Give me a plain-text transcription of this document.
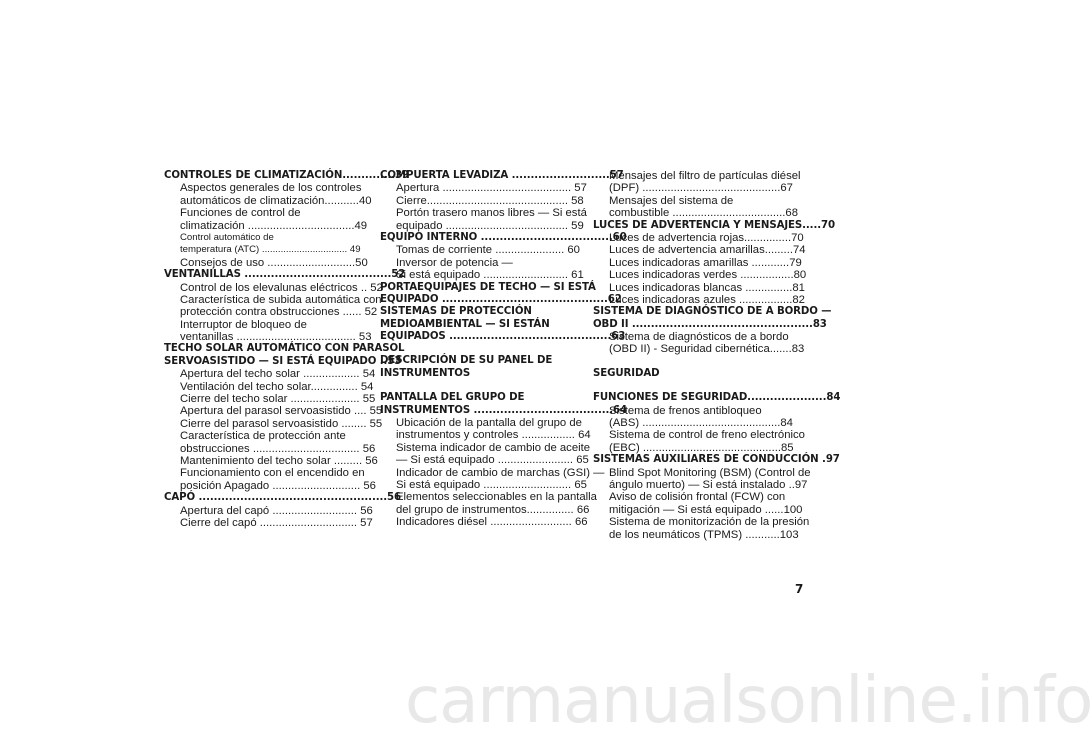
CONTROLES DE CLIMATIZACIÓN..............39
Aspectos generales de los controles
automáticos de climatización...........40
Funciones de control de
climatización ..................................49
Control automático de
temperatura (ATC) ................................ 49
Consejos de uso ............................50
VENTANILLAS .......................................52
Control de los elevalunas eléctricos .. 52
Característica de subida automática con
protección contra obstrucciones ...... 52
Interruptor de bloqueo de
ventanillas ...................................... 53
TECHO SOLAR AUTOMÁTICO CON PARASOL
SERVOASISTIDO — SI ESTÁ EQUIPADO ..53
Apertura del techo solar .................. 54
Ventilación del techo solar............... 54
Cierre del techo solar ...................... 55
Apertura del parasol servoasistido .... 55
Cierre del parasol servoasistido ........ 55
Característica de protección ante
obstrucciones .................................. 56
Mantenimiento del techo solar ......... 56
Funcionamiento con el encendido en
posición Apagado ............................ 56
CAPÓ ..................................................56
Apertura del capó ........................... 56
Cierre del capó ............................... 57
COMPUERTA LEVADIZA ..........................57
Apertura ......................................... 57
Cierre............................................. 58
Portón trasero manos libres — Si está
equipado ....................................... 59
EQUIPO INTERNO ...................................60
Tomas de corriente ...................... 60
Inversor de potencia —
Si está equipado ........................... 61
PORTAEQUIPAJES DE TECHO — SI ESTÁ
EQUIPADO ............................................62
SISTEMAS DE PROTECCIÓN
MEDIOAMBIENTAL — SI ESTÁN
EQUIPADOS ...........................................63
DESCRIPCIÓN DE SU PANEL DE
INSTRUMENTOS
PANTALLA DEL GRUPO DE
INSTRUMENTOS .....................................64
Ubicación de la pantalla del grupo de
instrumentos y controles ................. 64
Sistema indicador de cambio de aceite
— Si está equipado ........................ 65
Indicador de cambio de marchas (GSI) —
Si está equipado ............................ 65
Elementos seleccionables en la pantalla
del grupo de instrumentos............... 66
Indicadores diésel .......................... 66
Mensajes del filtro de partículas diésel
(DPF) ............................................67
Mensajes del sistema de
combustible ....................................68
LUCES DE ADVERTENCIA Y MENSAJES.....70
Luces de advertencia rojas...............70
Luces de advertencia amarillas.........74
Luces indicadoras amarillas ............79
Luces indicadoras verdes .................80
Luces indicadoras blancas ...............81
Luces indicadoras azules .................82
SISTEMA DE DIAGNÓSTICO DE A BORDO —
OBD II ................................................83
Sistema de diagnósticos de a bordo
(OBD II) - Seguridad cibernética.......83
SEGURIDAD
FUNCIONES DE SEGURIDAD.....................84
Sistema de frenos antibloqueo
(ABS) ............................................84
Sistema de control de freno electrónico
(EBC) ............................................85
SISTEMAS AUXILIARES DE CONDUCCIÓN .97
Blind Spot Monitoring (BSM) (Control de
ángulo muerto) — Si está instalado ..97
Aviso de colisión frontal (FCW) con
mitigación — Si está equipado ......100
Sistema de monitorización de la presión
de los neumáticos (TPMS) ...........103
7
carmanualsonline.info
